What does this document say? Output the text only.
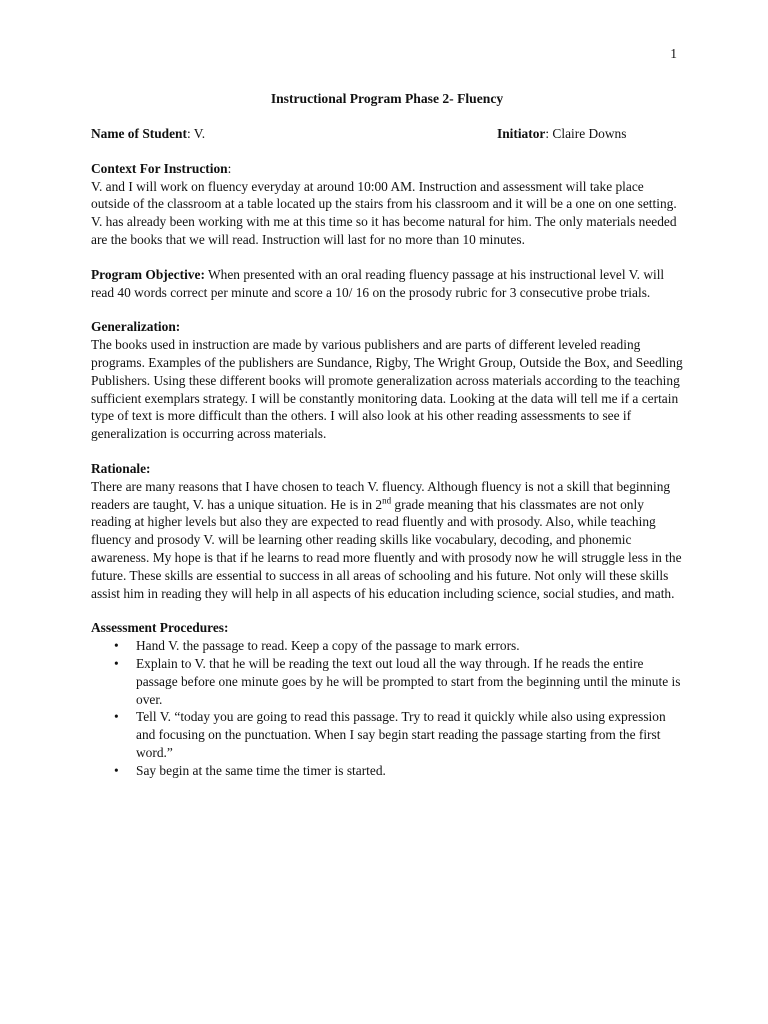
1

Instructional Program Phase 2- Fluency

Name of Student: V.	Initiator: Claire Downs

Context For Instruction:

V. and I will work on fluency everyday at around 10:00 AM. Instruction and assessment will take place outside of the classroom at a table located up the stairs from his classroom and it will be a one on one setting. V. has already been working with me at this time so it has become natural for him. The only materials needed are the books that we will read. Instruction will last for no more than 10 minutes.

Program Objective: When presented with an oral reading fluency passage at his instructional level V. will read 40 words correct per minute and score a 10/ 16 on the prosody rubric for 3 consecutive probe trials.

Generalization:

The books used in instruction are made by various publishers and are parts of different leveled reading programs. Examples of the publishers are Sundance, Rigby, The Wright Group, Outside the Box, and Seedling Publishers. Using these different books will promote generalization across materials according to the teaching sufficient exemplars strategy. I will be constantly monitoring data. Looking at the data will tell me if a certain type of text is more difficult than the others. I will also look at his other reading assessments to see if generalization is occurring across materials.

Rationale:

There are many reasons that I have chosen to teach V. fluency. Although fluency is not a skill that beginning readers are taught, V. has a unique situation. He is in 2nd grade meaning that his classmates are not only reading at higher levels but also they are expected to read fluently and with prosody. Also, while teaching fluency and prosody V. will be learning other reading skills like vocabulary, decoding, and phonemic awareness. My hope is that if he learns to read more fluently and with prosody now he will struggle less in the future. These skills are essential to success in all areas of schooling and his future. Not only will these skills assist him in reading they will help in all aspects of his education including science, social studies, and math.

Assessment Procedures:

• Hand V. the passage to read. Keep a copy of the passage to mark errors.
• Explain to V. that he will be reading the text out loud all the way through. If he reads the entire passage before one minute goes by he will be prompted to start from the beginning until the minute is over.
• Tell V. “today you are going to read this passage. Try to read it quickly while also using expression and focusing on the punctuation. When I say begin start reading the passage starting from the first word.”
• Say begin at the same time the timer is started.
